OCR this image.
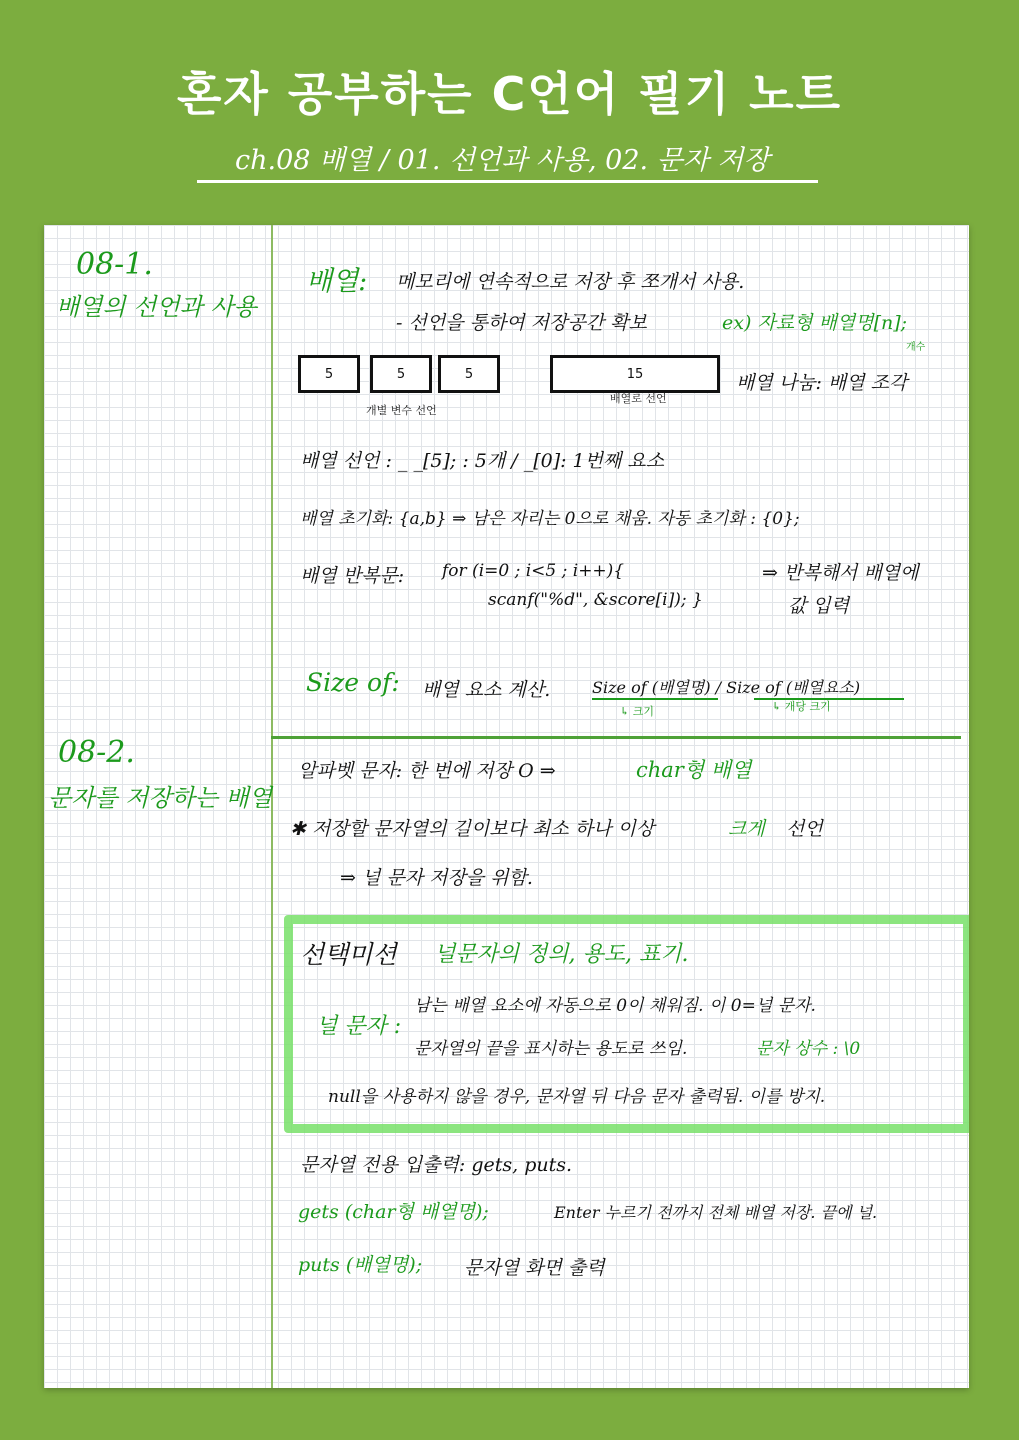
혼자 공부하는 C언어 필기 노트
ch.08 배열 / 01. 선언과 사용, 02. 문자 저장
08-1.
배열의 선언과 사용
08-2.
문자를 저장하는 배열
배열: 메모리에 연속적으로 저장 후 쪼개서 사용.
- 선언을 통하여 저장공간 확보	ex) 자료형 배열명[n];
개수
5	5	5
개별 변수 선언
15
배열로 선언
배열 나눔: 배열 조각
배열 선언 : _ _[5]; : 5개 / _[0]: 1번째 요소
배열 초기화: {a,b} ⇒ 남은 자리는 0으로 채움. 자동 초기화 : {0};
배열 반복문: for (i=0 ; i<5 ; i++){
scanf("%d", &score[i]); }
⇒ 반복해서 배열에
값 입력
Size of: 배열 요소 계산.	Size of (배열명) / Size of (배열요소)
↳ 크기	↳ 개당 크기
알파벳 문자: 한 번에 저장 O ⇒	char형 배열
✱ 저장할 문자열의 길이보다 최소 하나 이상	크게 선언
⇒ 널 문자 저장을 위함.
선택미션 널문자의 정의, 용도, 표기.
널 문자 :
남는 배열 요소에 자동으로 0이 채워짐. 이 0=널 문자.
문자열의 끝을 표시하는 용도로 쓰임.	문자 상수 : \0
null을 사용하지 않을 경우, 문자열 뒤 다음 문자 출력됨. 이를 방지.
문자열 전용 입출력: gets, puts.
gets (char형 배열명);	Enter 누르기 전까지 전체 배열 저장. 끝에 널.
puts (배열명); 문자열 화면 출력
